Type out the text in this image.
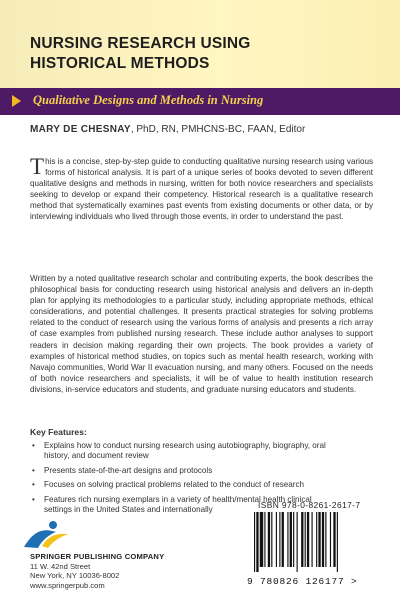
NURSING RESEARCH USING
HISTORICAL METHODS
Qualitative Designs and Methods in Nursing
MARY DE CHESNAY, PhD, RN, PMHCNS-BC, FAAN, Editor
This is a concise, step-by-step guide to conducting qualitative nursing research using various forms of historical analysis. It is part of a unique series of books devoted to seven different qualitative designs and methods in nursing, written for both novice researchers and specialists seeking to develop or expand their competency. Historical research is a qualitative research method that systematically examines past events from existing documents or other data, or by interviewing individuals who lived through those events, in order to understand the past.
Written by a noted qualitative research scholar and contributing experts, the book describes the philosophical basis for conducting research using historical analysis and delivers an in-depth plan for applying its methodologies to a particular study, including appropriate methods, ethical considerations, and potential challenges. It presents practical strategies for solving problems related to the conduct of research using the various forms of analysis and presents a rich array of case examples from published nursing research. These include author analyses to support readers in decision making regarding their own projects. The book provides a variety of examples of historical method studies, on topics such as mental health research, working with Navajo communities, World War II evacuation nursing, and many others. Focused on the needs of both novice researchers and specialists, it will be of value to health institution research divisions, in-service educators and students, and graduate nursing educators and students.
Key Features:
• Explains how to conduct nursing research using autobiography, biography, oral history, and document review
• Presents state-of-the-art designs and protocols
• Focuses on solving practical problems related to the conduct of research
• Features rich nursing exemplars in a variety of health/mental health clinical settings in the United States and internationally
SPRINGER PUBLISHING COMPANY
11 W. 42nd Street
New York, NY 10036-8002
www.springerpub.com
ISBN 978-0-8261-2617-7
9 780826 126177 >
